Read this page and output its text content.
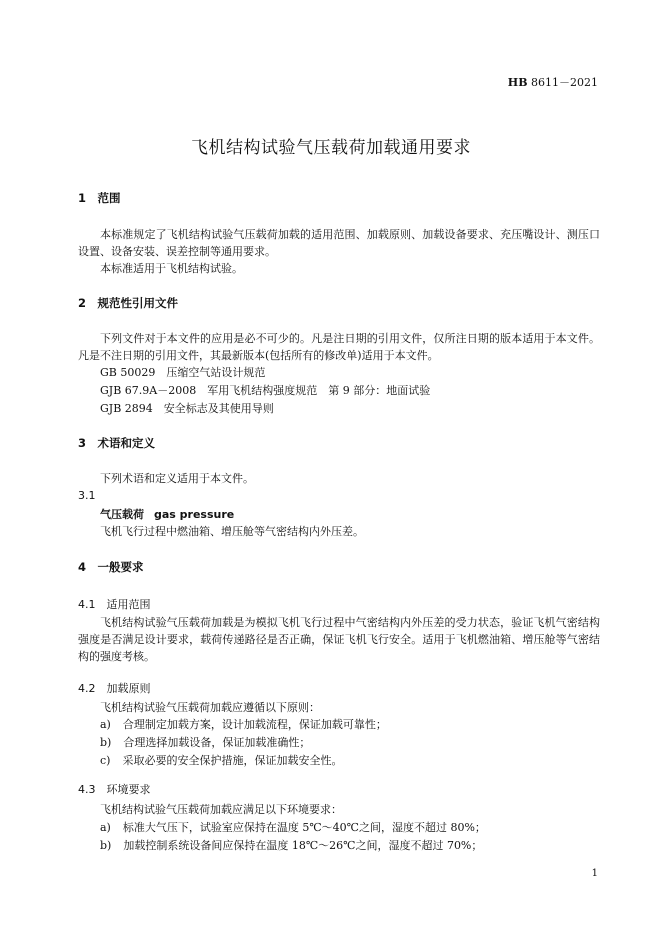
HB 8611－2021
飞机结构试验气压载荷加载通用要求
1　范围
本标准规定了飞机结构试验气压载荷加载的适用范围、加载原则、加载设备要求、充压嘴设计、测压口设置、设备安装、误差控制等通用要求。
本标准适用于飞机结构试验。
2　规范性引用文件
下列文件对于本文件的应用是必不可少的。凡是注日期的引用文件，仅所注日期的版本适用于本文件。凡是不注日期的引用文件，其最新版本(包括所有的修改单)适用于本文件。
GB 50029　压缩空气站设计规范
GJB 67.9A－2008　军用飞机结构强度规范　第 9 部分：地面试验
GJB 2894　安全标志及其使用导则
3　术语和定义
下列术语和定义适用于本文件。
3.1
气压载荷 gas pressure
飞机飞行过程中燃油箱、增压舱等气密结构内外压差。
4　一般要求
4.1　适用范围
飞机结构试验气压载荷加载是为模拟飞机飞行过程中气密结构内外压差的受力状态，验证飞机气密结构强度是否满足设计要求，载荷传递路径是否正确，保证飞机飞行安全。适用于飞机燃油箱、增压舱等气密结构的强度考核。
4.2　加载原则
飞机结构试验气压载荷加载应遵循以下原则：
a) 合理制定加载方案，设计加载流程，保证加载可靠性；
b) 合理选择加载设备，保证加载准确性；
c) 采取必要的安全保护措施，保证加载安全性。
4.3　环境要求
飞机结构试验气压载荷加载应满足以下环境要求：
a) 标准大气压下，试验室应保持在温度 5℃～40℃之间，湿度不超过 80%；
b) 加载控制系统设备间应保持在温度 18℃～26℃之间，湿度不超过 70%；
1
